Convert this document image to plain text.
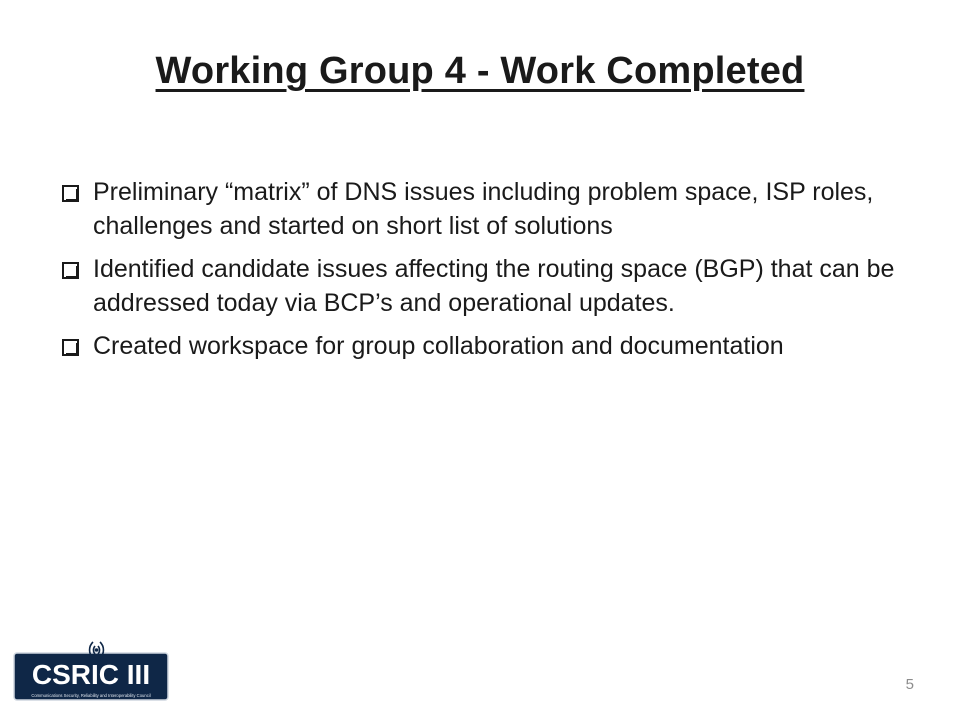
Working Group 4 - Work Completed
Preliminary “matrix” of DNS issues including problem space, ISP roles, challenges and started on short list of solutions
Identified candidate issues affecting the routing space (BGP) that can be addressed today via BCP’s and operational updates.
Created workspace for group collaboration and documentation
CSRIC III
Communications Security, Reliability and Interoperability Council
5
